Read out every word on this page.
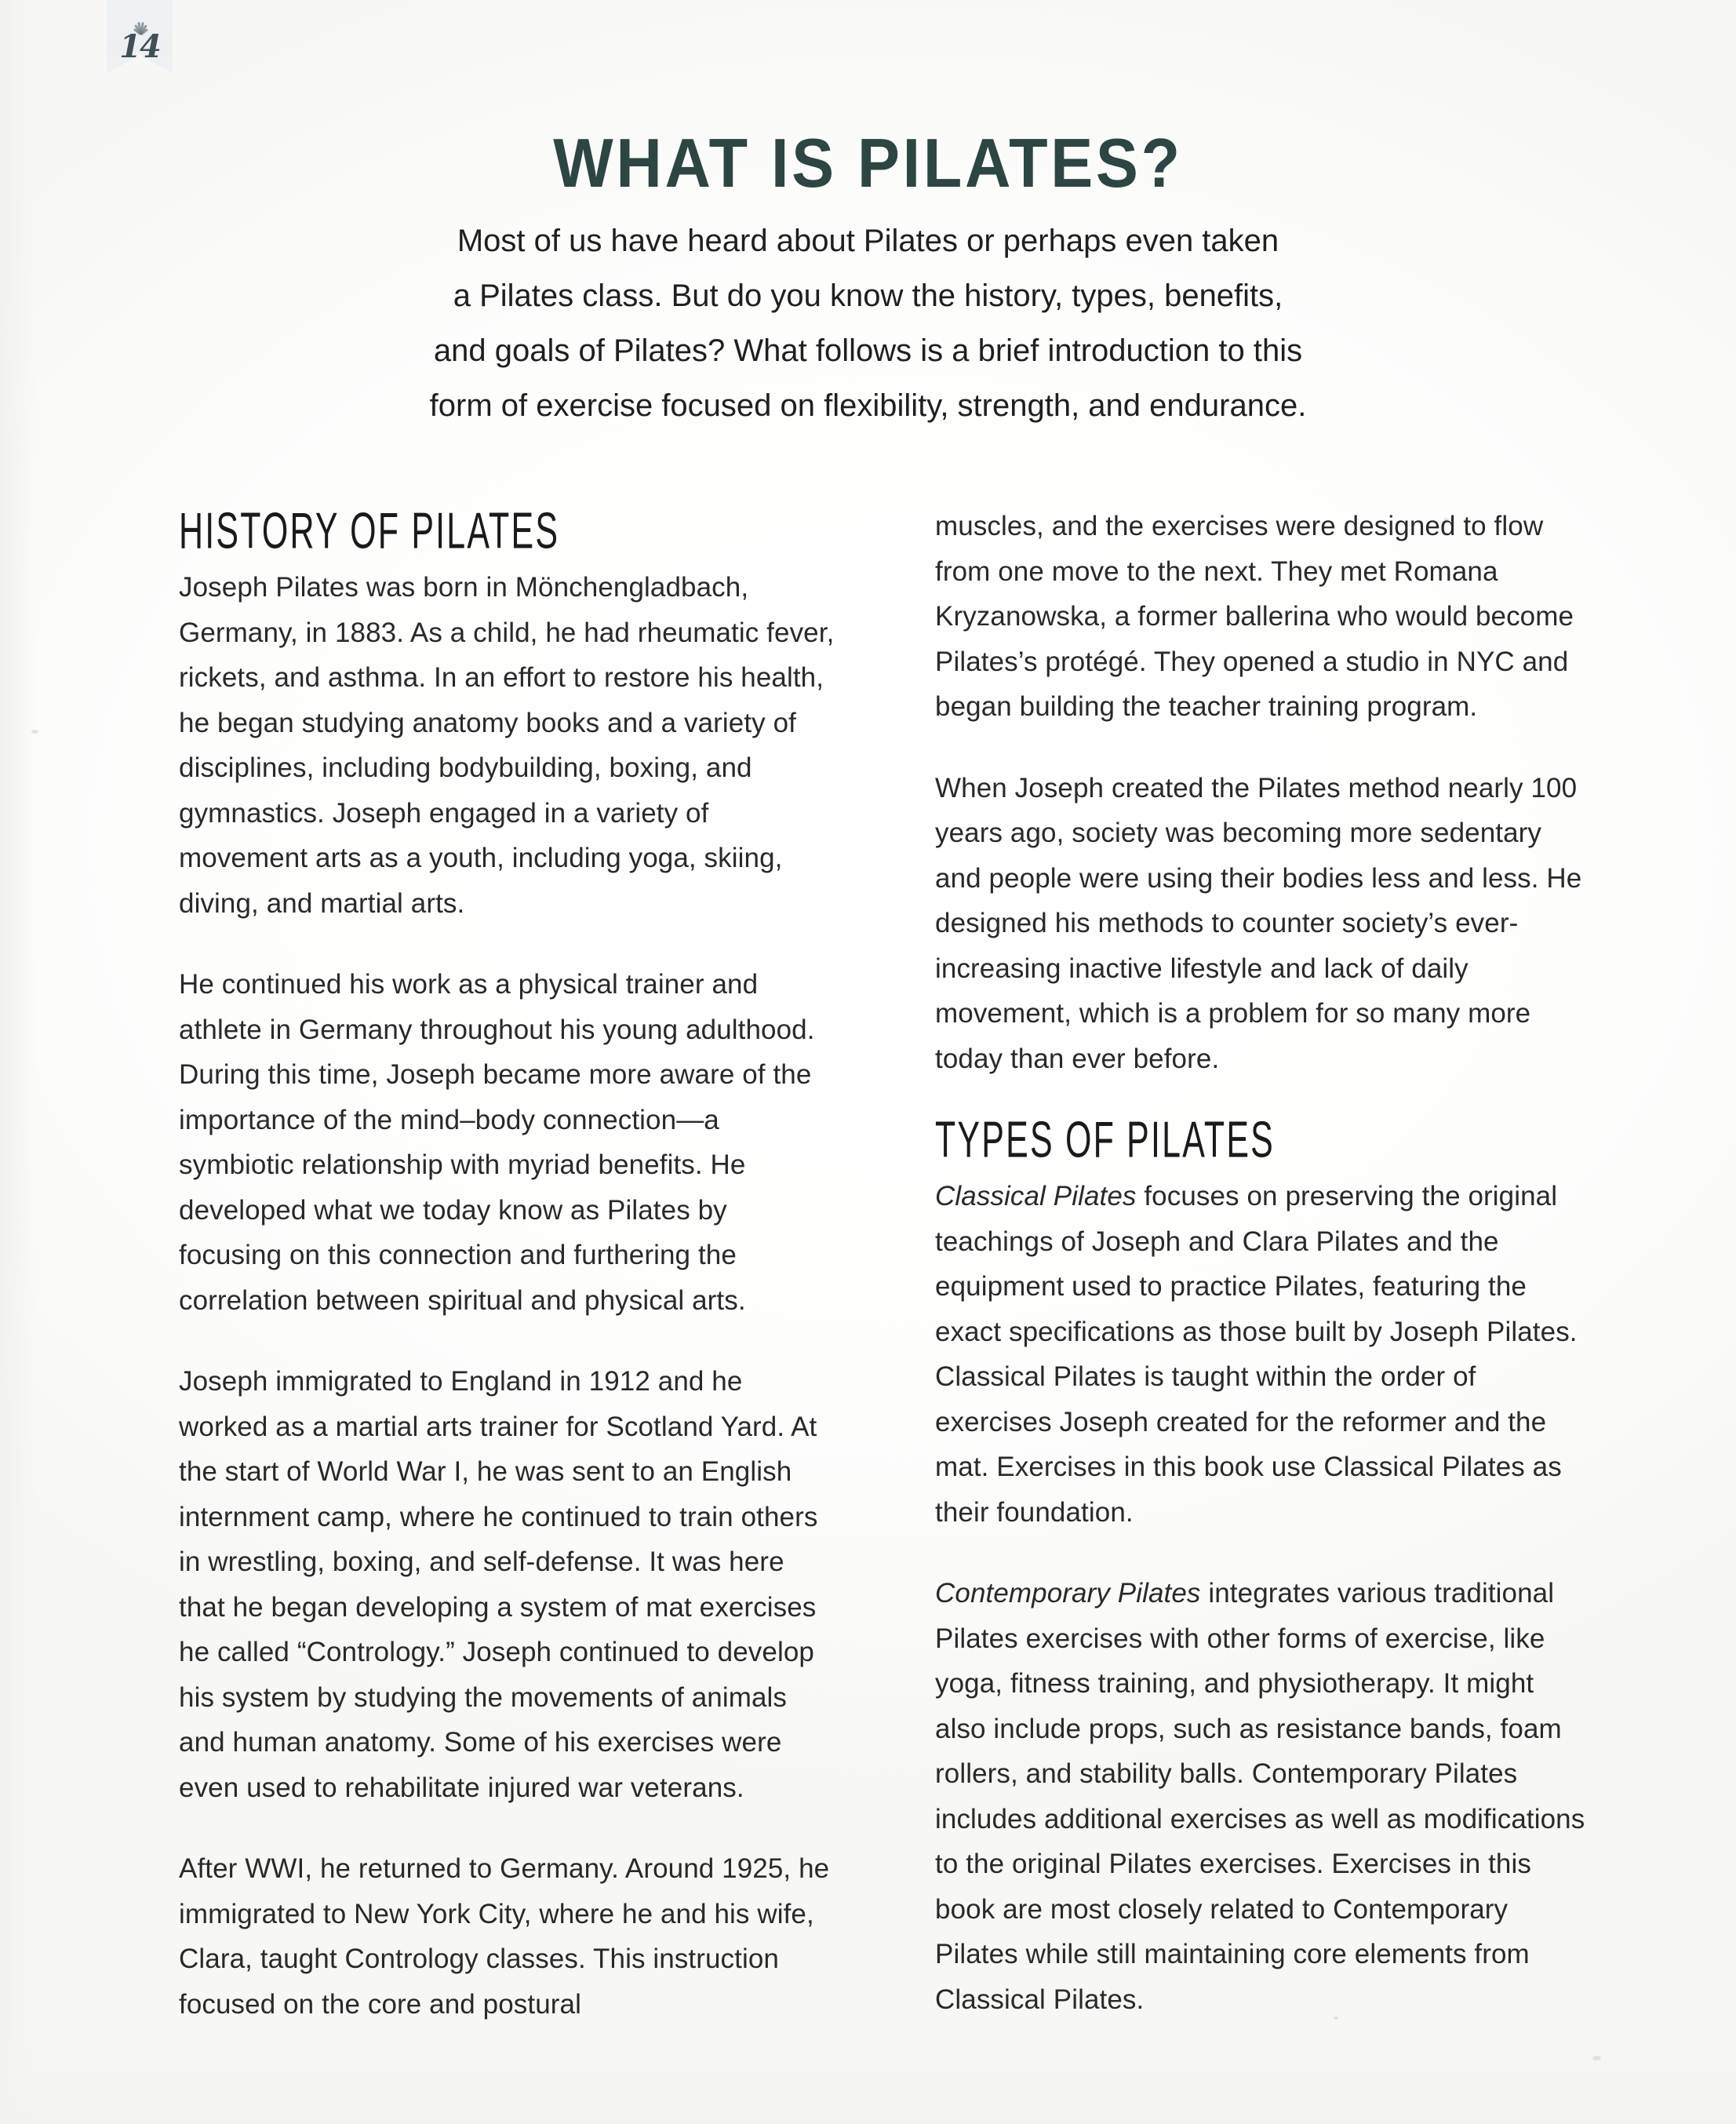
14
WHAT IS PILATES?
Most of us have heard about Pilates or perhaps even taken
a Pilates class. But do you know the history, types, benefits,
and goals of Pilates? What follows is a brief introduction to this
form of exercise focused on flexibility, strength, and endurance.
HISTORY OF PILATES

Joseph Pilates was born in Mönchengladbach, Germany, in 1883. As a child, he had rheumatic fever, rickets, and asthma. In an effort to restore his health, he began studying anatomy books and a variety of disciplines, including bodybuilding, boxing, and gymnastics. Joseph engaged in a variety of movement arts as a youth, including yoga, skiing, diving, and martial arts.

He continued his work as a physical trainer and athlete in Germany throughout his young adulthood. During this time, Joseph became more aware of the importance of the mind–body connection—a symbiotic relationship with myriad benefits. He developed what we today know as Pilates by focusing on this connection and furthering the correlation between spiritual and physical arts.

Joseph immigrated to England in 1912 and he worked as a martial arts trainer for Scotland Yard. At the start of World War I, he was sent to an English internment camp, where he continued to train others in wrestling, boxing, and self-defense. It was here that he began developing a system of mat exercises he called “Contrology.” Joseph continued to develop his system by studying the movements of animals and human anatomy. Some of his exercises were even used to rehabilitate injured war veterans.

After WWI, he returned to Germany. Around 1925, he immigrated to New York City, where he and his wife, Clara, taught Contrology classes. This instruction focused on the core and postural

muscles, and the exercises were designed to flow from one move to the next. They met Romana Kryzanowska, a former ballerina who would become Pilates’s protégé. They opened a studio in NYC and began building the teacher training program.

When Joseph created the Pilates method nearly 100 years ago, society was becoming more sedentary and people were using their bodies less and less. He designed his methods to counter society’s ever-increasing inactive lifestyle and lack of daily movement, which is a problem for so many more today than ever before.

TYPES OF PILATES

Classical Pilates focuses on preserving the original teachings of Joseph and Clara Pilates and the equipment used to practice Pilates, featuring the exact specifications as those built by Joseph Pilates. Classical Pilates is taught within the order of exercises Joseph created for the reformer and the mat. Exercises in this book use Classical Pilates as their foundation.

Contemporary Pilates integrates various traditional Pilates exercises with other forms of exercise, like yoga, fitness training, and physiotherapy. It might also include props, such as resistance bands, foam rollers, and stability balls. Contemporary Pilates includes additional exercises as well as modifications to the original Pilates exercises. Exercises in this book are most closely related to Contemporary Pilates while still maintaining core elements from Classical Pilates.
